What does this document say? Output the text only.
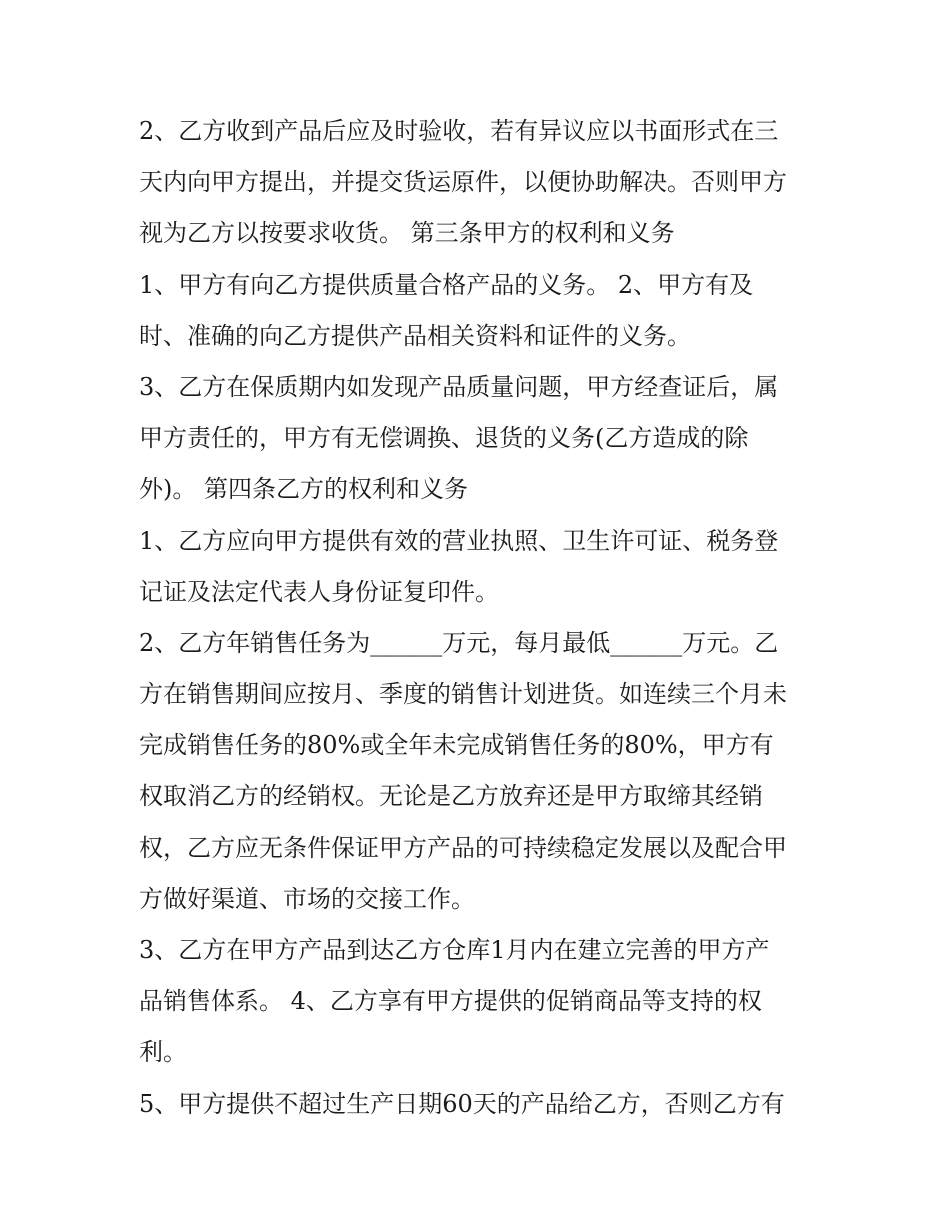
2、乙方收到产品后应及时验收，若有异议应以书面形式在三
天内向甲方提出，并提交货运原件，以便协助解决。否则甲方
视为乙方以按要求收货。 第三条甲方的权利和义务
1、甲方有向乙方提供质量合格产品的义务。 2、甲方有及
时、准确的向乙方提供产品相关资料和证件的义务。
3、乙方在保质期内如发现产品质量问题，甲方经查证后，属
甲方责任的，甲方有无偿调换、退货的义务(乙方造成的除
外)。 第四条乙方的权利和义务
1、乙方应向甲方提供有效的营业执照、卫生许可证、税务登
记证及法定代表人身份证复印件。
2、乙方年销售任务为______万元，每月最低______万元。乙
方在销售期间应按月、季度的销售计划进货。如连续三个月未
完成销售任务的80%或全年未完成销售任务的80%，甲方有
权取消乙方的经销权。无论是乙方放弃还是甲方取缔其经销
权，乙方应无条件保证甲方产品的可持续稳定发展以及配合甲
方做好渠道、市场的交接工作。
3、乙方在甲方产品到达乙方仓库1月内在建立完善的甲方产
品销售体系。 4、乙方享有甲方提供的促销商品等支持的权
利。
5、甲方提供不超过生产日期60天的产品给乙方，否则乙方有
